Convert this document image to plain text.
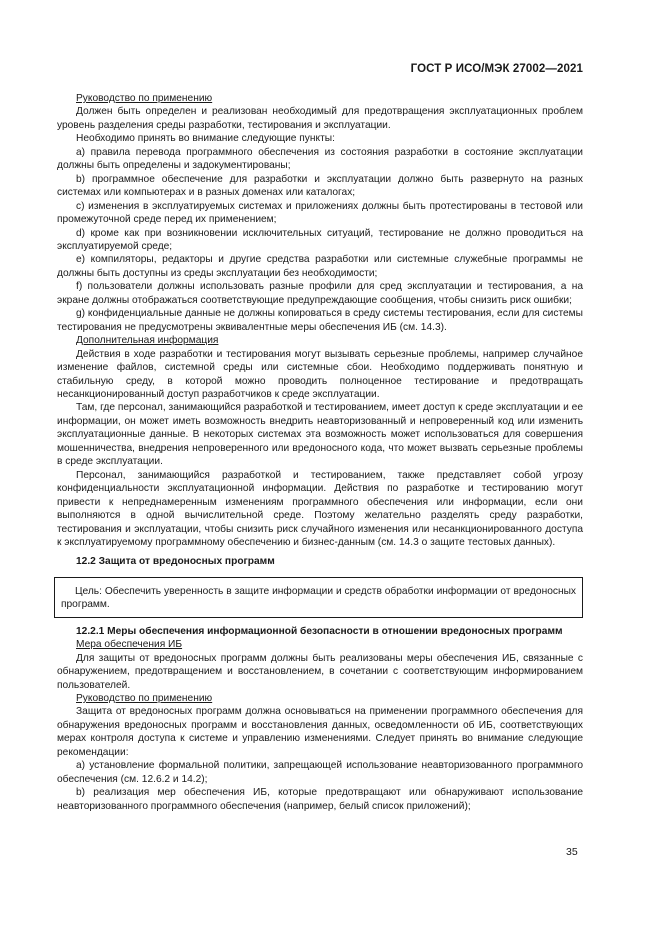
ГОСТ Р ИСО/МЭК 27002—2021

Руководство по применению

Должен быть определен и реализован необходимый для предотвращения эксплуатационных проблем уровень разделения среды разработки, тестирования и эксплуатации.

Необходимо принять во внимание следующие пункты:

а) правила перевода программного обеспечения из состояния разработки в состояние эксплуатации должны быть определены и задокументированы;

b) программное обеспечение для разработки и эксплуатации должно быть развернуто на разных системах или компьютерах и в разных доменах или каталогах;

с) изменения в эксплуатируемых системах и приложениях должны быть протестированы в тестовой или промежуточной среде перед их применением;

d) кроме как при возникновении исключительных ситуаций, тестирование не должно проводиться на эксплуатируемой среде;

е) компиляторы, редакторы и другие средства разработки или системные служебные программы не должны быть доступны из среды эксплуатации без необходимости;

f) пользователи должны использовать разные профили для сред эксплуатации и тестирования, а на экране должны отображаться соответствующие предупреждающие сообщения, чтобы снизить риск ошибки;

g) конфиденциальные данные не должны копироваться в среду системы тестирования, если для системы тестирования не предусмотрены эквивалентные меры обеспечения ИБ (см. 14.3).

Дополнительная информация

Действия в ходе разработки и тестирования могут вызывать серьезные проблемы, например случайное изменение файлов, системной среды или системные сбои. Необходимо поддерживать понятную и стабильную среду, в которой можно проводить полноценное тестирование и предотвращать несанкционированный доступ разработчиков к среде эксплуатации.

Там, где персонал, занимающийся разработкой и тестированием, имеет доступ к среде эксплуатации и ее информации, он может иметь возможность внедрить неавторизованный и непроверенный код или изменить эксплуатационные данные. В некоторых системах эта возможность может использоваться для совершения мошенничества, внедрения непроверенного или вредоносного кода, что может вызвать серьезные проблемы в среде эксплуатации.

Персонал, занимающийся разработкой и тестированием, также представляет собой угрозу конфиденциальности эксплуатационной информации. Действия по разработке и тестированию могут привести к непреднамеренным изменениям программного обеспечения или информации, если они выполняются в одной вычислительной среде. Поэтому желательно разделять среду разработки, тестирования и эксплуатации, чтобы снизить риск случайного изменения или несанкционированного доступа к эксплуатируемому программному обеспечению и бизнес-данным (см. 14.3 о защите тестовых данных).

12.2 Защита от вредоносных программ

Цель: Обеспечить уверенность в защите информации и средств обработки информации от вредоносных программ.

12.2.1 Меры обеспечения информационной безопасности в отношении вредоносных программ

Мера обеспечения ИБ

Для защиты от вредоносных программ должны быть реализованы меры обеспечения ИБ, связанные с обнаружением, предотвращением и восстановлением, в сочетании с соответствующим информированием пользователей.

Руководство по применению

Защита от вредоносных программ должна основываться на применении программного обеспечения для обнаружения вредоносных программ и восстановления данных, осведомленности об ИБ, соответствующих мерах контроля доступа к системе и управлению изменениями. Следует принять во внимание следующие рекомендации:

а) установление формальной политики, запрещающей использование неавторизованного программного обеспечения (см. 12.6.2 и 14.2);

b) реализация мер обеспечения ИБ, которые предотвращают или обнаруживают использование неавторизованного программного обеспечения (например, белый список приложений);

35
